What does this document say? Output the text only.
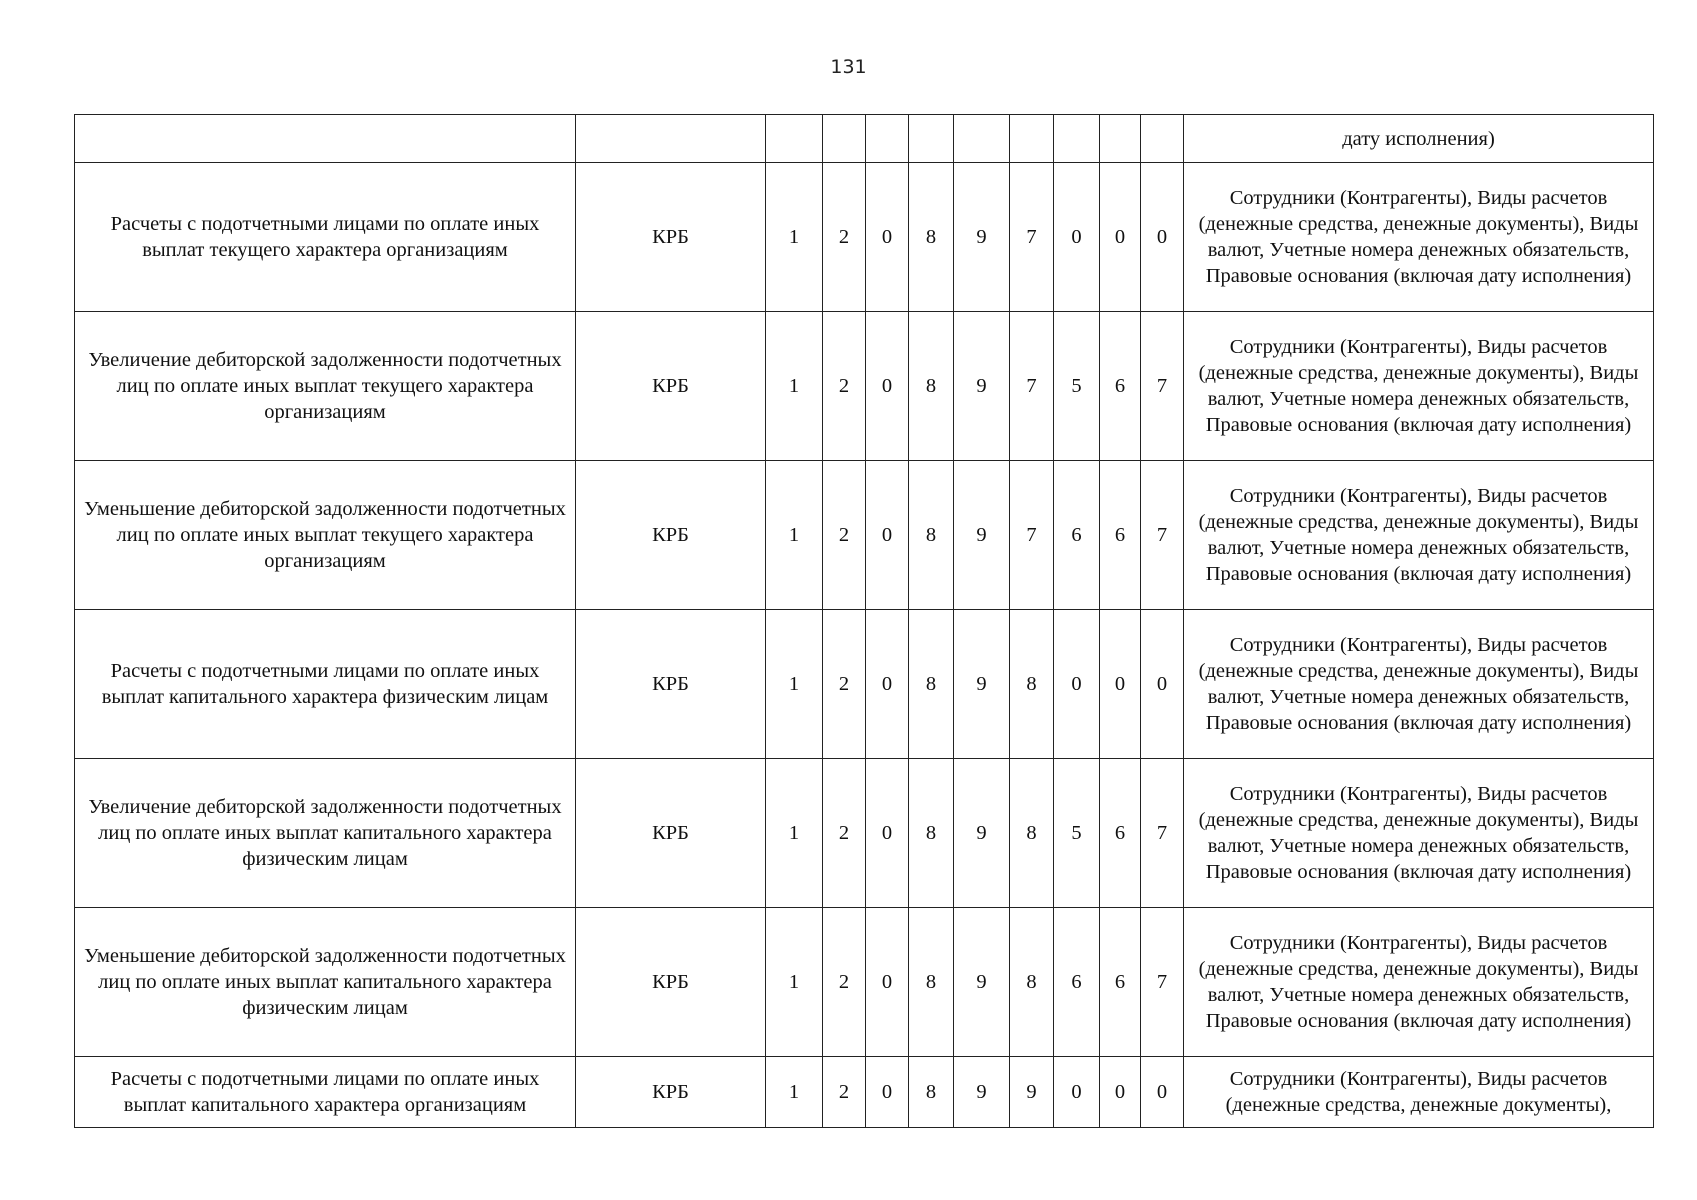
131
											дату исполнения)
Расчеты с подотчетными лицами по оплате иных выплат текущего характера организациям	КРБ	1	2	0	8	9	7	0	0	0	Сотрудники (Контрагенты), Виды расчетов (денежные средства, денежные документы), Виды валют, Учетные номера денежных обязательств, Правовые основания (включая дату исполнения)
Увеличение дебиторской задолженности подотчетных лиц по оплате иных выплат текущего характера организациям	КРБ	1	2	0	8	9	7	5	6	7	Сотрудники (Контрагенты), Виды расчетов (денежные средства, денежные документы), Виды валют, Учетные номера денежных обязательств, Правовые основания (включая дату исполнения)
Уменьшение дебиторской задолженности подотчетных лиц по оплате иных выплат текущего характера организациям	КРБ	1	2	0	8	9	7	6	6	7	Сотрудники (Контрагенты), Виды расчетов (денежные средства, денежные документы), Виды валют, Учетные номера денежных обязательств, Правовые основания (включая дату исполнения)
Расчеты с подотчетными лицами по оплате иных выплат капитального характера физическим лицам	КРБ	1	2	0	8	9	8	0	0	0	Сотрудники (Контрагенты), Виды расчетов (денежные средства, денежные документы), Виды валют, Учетные номера денежных обязательств, Правовые основания (включая дату исполнения)
Увеличение дебиторской задолженности подотчетных лиц по оплате иных выплат капитального характера физическим лицам	КРБ	1	2	0	8	9	8	5	6	7	Сотрудники (Контрагенты), Виды расчетов (денежные средства, денежные документы), Виды валют, Учетные номера денежных обязательств, Правовые основания (включая дату исполнения)
Уменьшение дебиторской задолженности подотчетных лиц по оплате иных выплат капитального характера физическим лицам	КРБ	1	2	0	8	9	8	6	6	7	Сотрудники (Контрагенты), Виды расчетов (денежные средства, денежные документы), Виды валют, Учетные номера денежных обязательств, Правовые основания (включая дату исполнения)
Расчеты с подотчетными лицами по оплате иных выплат капитального характера организациям	КРБ	1	2	0	8	9	9	0	0	0	Сотрудники (Контрагенты), Виды расчетов (денежные средства, денежные документы),
